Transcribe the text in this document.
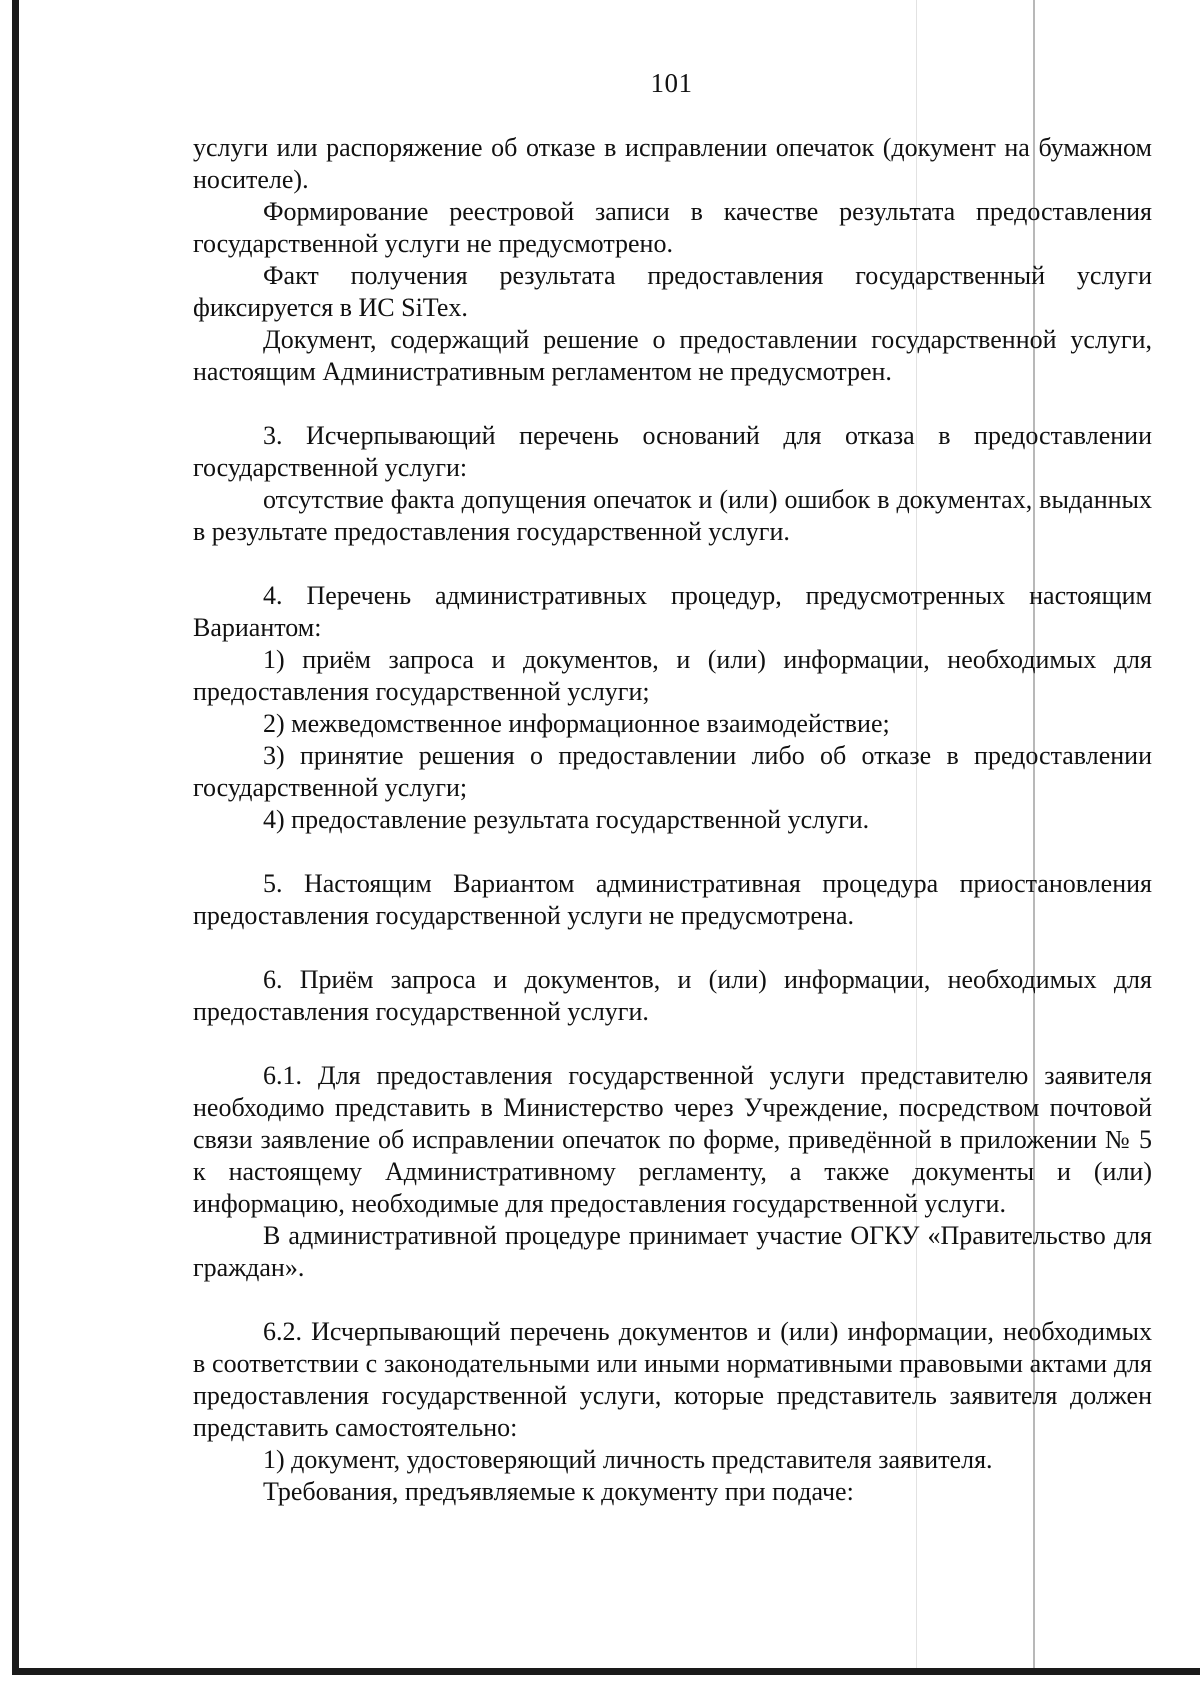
101

услуги или распоряжение об отказе в исправлении опечаток (документ на бумажном носителе).

Формирование реестровой записи в качестве результата предоставления государственной услуги не предусмотрено.

Факт получения результата предоставления государственный услуги фиксируется в ИС SiTex.

Документ, содержащий решение о предоставлении государственной услуги, настоящим Административным регламентом не предусмотрен.

3. Исчерпывающий перечень оснований для отказа в предоставлении государственной услуги:

отсутствие факта допущения опечаток и (или) ошибок в документах, выданных в результате предоставления государственной услуги.

4. Перечень административных процедур, предусмотренных настоящим Вариантом:

1) приём запроса и документов, и (или) информации, необходимых для предоставления государственной услуги;

2) межведомственное информационное взаимодействие;

3) принятие решения о предоставлении либо об отказе в предоставлении государственной услуги;

4) предоставление результата государственной услуги.

5. Настоящим Вариантом административная процедура приостановления предоставления государственной услуги не предусмотрена.

6. Приём запроса и документов, и (или) информации, необходимых для предоставления государственной услуги.

6.1. Для предоставления государственной услуги представителю заявителя необходимо представить в Министерство через Учреждение, посредством почтовой связи заявление об исправлении опечаток по форме, приведённой в приложении № 5 к настоящему Административному регламенту, а также документы и (или) информацию, необходимые для предоставления государственной услуги.

В административной процедуре принимает участие ОГКУ «Правительство для граждан».

6.2. Исчерпывающий перечень документов и (или) информации, необходимых в соответствии с законодательными или иными нормативными правовыми актами для предоставления государственной услуги, которые представитель заявителя должен представить самостоятельно:

1) документ, удостоверяющий личность представителя заявителя.

Требования, предъявляемые к документу при подаче:
